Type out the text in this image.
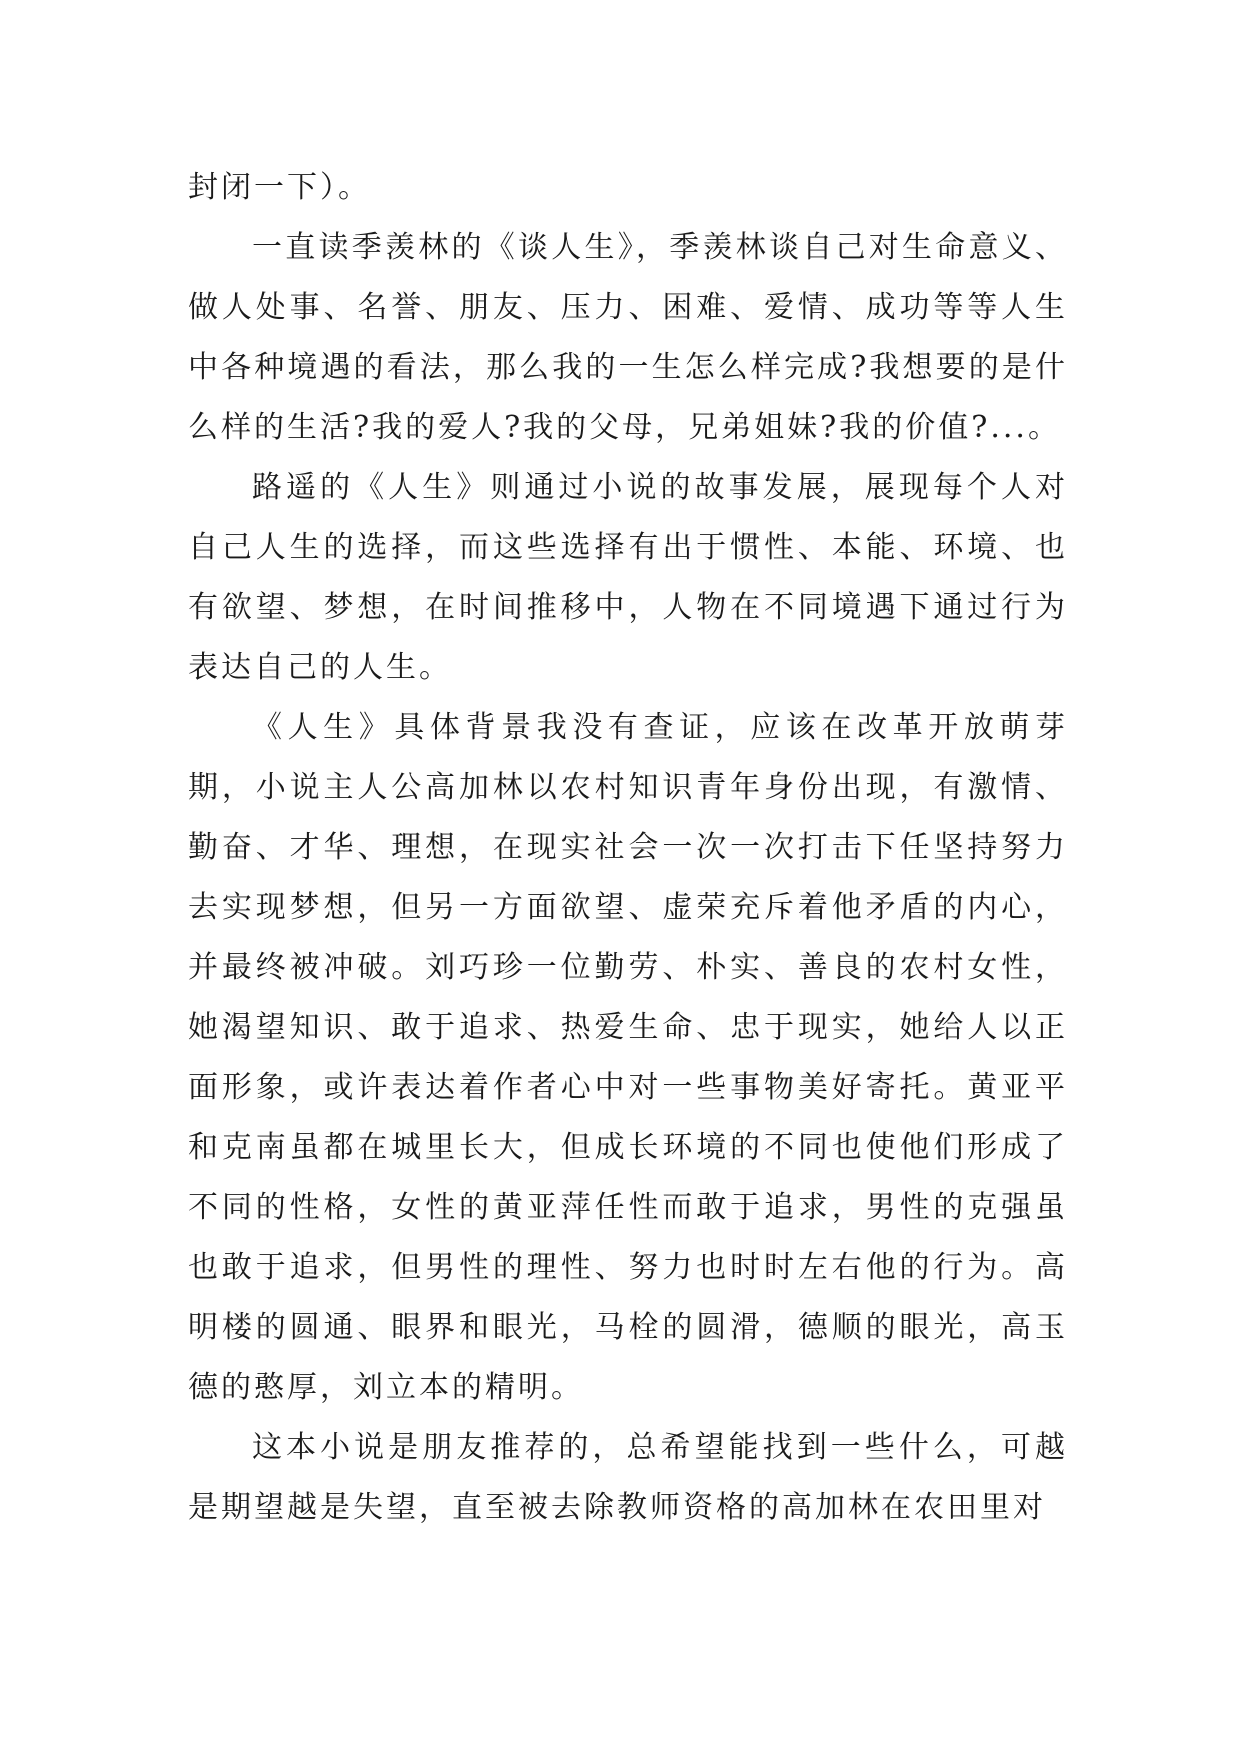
封闭一下）。
一直读季羡林的《谈人生》，季羡林谈自己对生命意义、做人处事、名誉、朋友、压力、困难、爱情、成功等等人生中各种境遇的看法，那么我的一生怎么样完成?我想要的是什么样的生活?我的爱人?我的父母，兄弟姐妹?我的价值?...。
路遥的《人生》则通过小说的故事发展，展现每个人对自己人生的选择，而这些选择有出于惯性、本能、环境、也有欲望、梦想，在时间推移中，人物在不同境遇下通过行为表达自己的人生。
《人生》具体背景我没有查证，应该在改革开放萌芽期，小说主人公高加林以农村知识青年身份出现，有激情、勤奋、才华、理想，在现实社会一次一次打击下任坚持努力去实现梦想，但另一方面欲望、虚荣充斥着他矛盾的内心，并最终被冲破。刘巧珍一位勤劳、朴实、善良的农村女性，她渴望知识、敢于追求、热爱生命、忠于现实，她给人以正面形象，或许表达着作者心中对一些事物美好寄托。黄亚平和克南虽都在城里长大，但成长环境的不同也使他们形成了不同的性格，女性的黄亚萍任性而敢于追求，男性的克强虽也敢于追求，但男性的理性、努力也时时左右他的行为。高明楼的圆通、眼界和眼光，马栓的圆滑，德顺的眼光，高玉德的憨厚，刘立本的精明。
这本小说是朋友推荐的，总希望能找到一些什么，可越是期望越是失望，直至被去除教师资格的高加林在农田里对
